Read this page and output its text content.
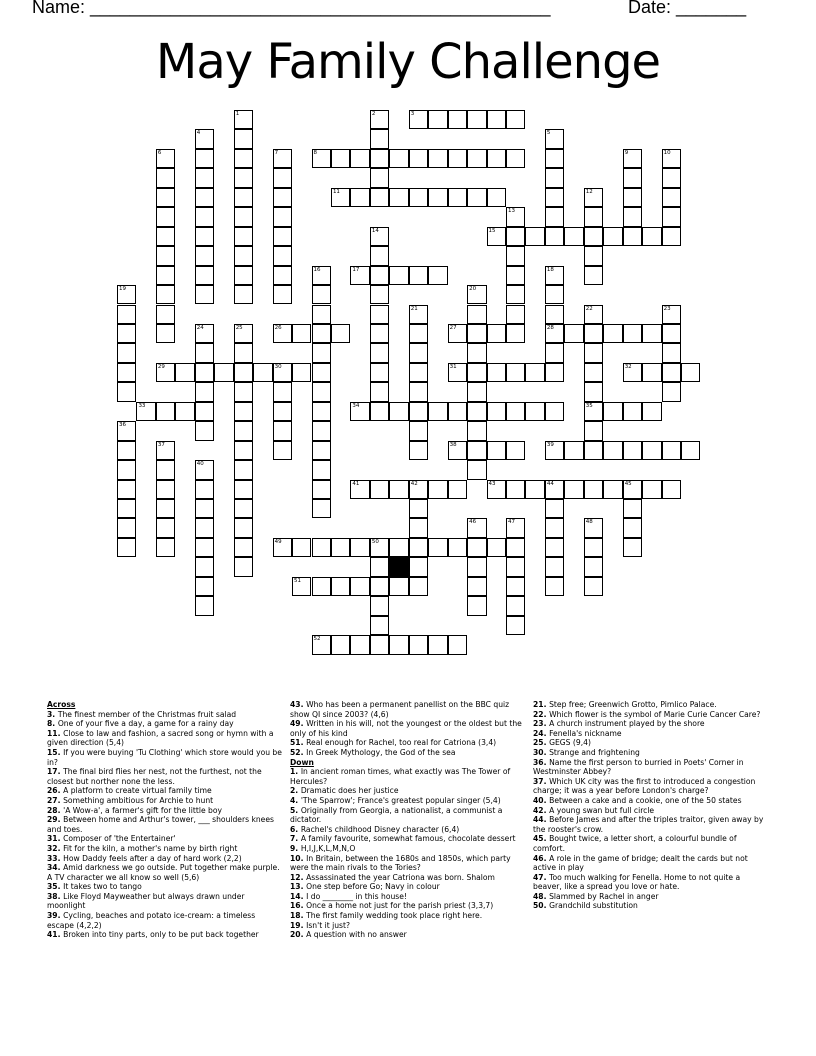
Name: ______________________________________________	Date: _______
May Family Challenge
3
8
11
15
17
26	27	28
29	30	31	32
33	34	35
38	39
41	42	43	44	45
49	50
51
52
1	2
4	5
6	7	9	10
12
13
14
16	18
19	20
21	22	23
24	25
36
37
40
46	47	48
Across
3. The finest member of the Christmas fruit salad
8. One of your five a day, a game for a rainy day
11. Close to law and fashion, a sacred song or hymn with a given direction (5,4)
15. If you were buying 'Tu Clothing' which store would you be in?
17. The final bird flies her nest, not the furthest, not the closest but norther none the less.
26. A platform to create virtual family time
27. Something ambitious for Archie to hunt
28. 'A Wow-a', a farmer's gift for the little boy
29. Between home and Arthur's tower, ___ shoulders knees and toes.
31. Composer of 'the Entertainer'
32. Fit for the kiln, a mother's name by birth right
33. How Daddy feels after a day of hard work (2,2)
34. Amid darkness we go outside. Put together make purple. A TV character we all know so well (5,6)
35. It takes two to tango
38. Like Floyd Mayweather but always drawn under moonlight
39. Cycling, beaches and potato ice-cream: a timeless escape (4,2,2)
41. Broken into tiny parts, only to be put back together
43. Who has been a permanent panellist on the BBC quiz show QI since 2003? (4,6)
49. Written in his will, not the youngest or the oldest but the only of his kind
51. Real enough for Rachel, too real for Catriona (3,4)
52. In Greek Mythology, the God of the sea
Down
1. In ancient roman times, what exactly was The Tower of Hercules?
2. Dramatic does her justice
4. 'The Sparrow'; France's greatest popular singer (5,4)
5. Originally from Georgia, a nationalist, a communist a dictator.
6. Rachel's childhood Disney character (6,4)
7. A family favourite, somewhat famous, chocolate dessert
9. H,I,J,K,L,M,N,O
10. In Britain, between the 1680s and 1850s, which party were the main rivals to the Tories?
12. Assassinated the year Catriona was born. Shalom
13. One step before Go; Navy in colour
14. I do ________ in this house!
16. Once a home not just for the parish priest (3,3,7)
18. The first family wedding took place right here.
19. Isn't it just?
20. A question with no answer
21. Step free; Greenwich Grotto, Pimlico Palace.
22. Which flower is the symbol of Marie Curie Cancer Care?
23. A church instrument played by the shore
24. Fenella's nickname
25. GEGS (9,4)
30. Strange and frightening
36. Name the first person to burried in Poets' Corner in Westminster Abbey?
37. Which UK city was the first to introduced a congestion charge; it was a year before London's charge?
40. Between a cake and a cookie, one of the 50 states
42. A young swan but full circle
44. Before James and after the triples traitor, given away by the rooster's crow.
45. Bought twice, a letter short, a colourful bundle of comfort.
46. A role in the game of bridge; dealt the cards but not active in play
47. Too much walking for Fenella. Home to not quite a beaver, like a spread you love or hate.
48. Slammed by Rachel in anger
50. Grandchild substitution
